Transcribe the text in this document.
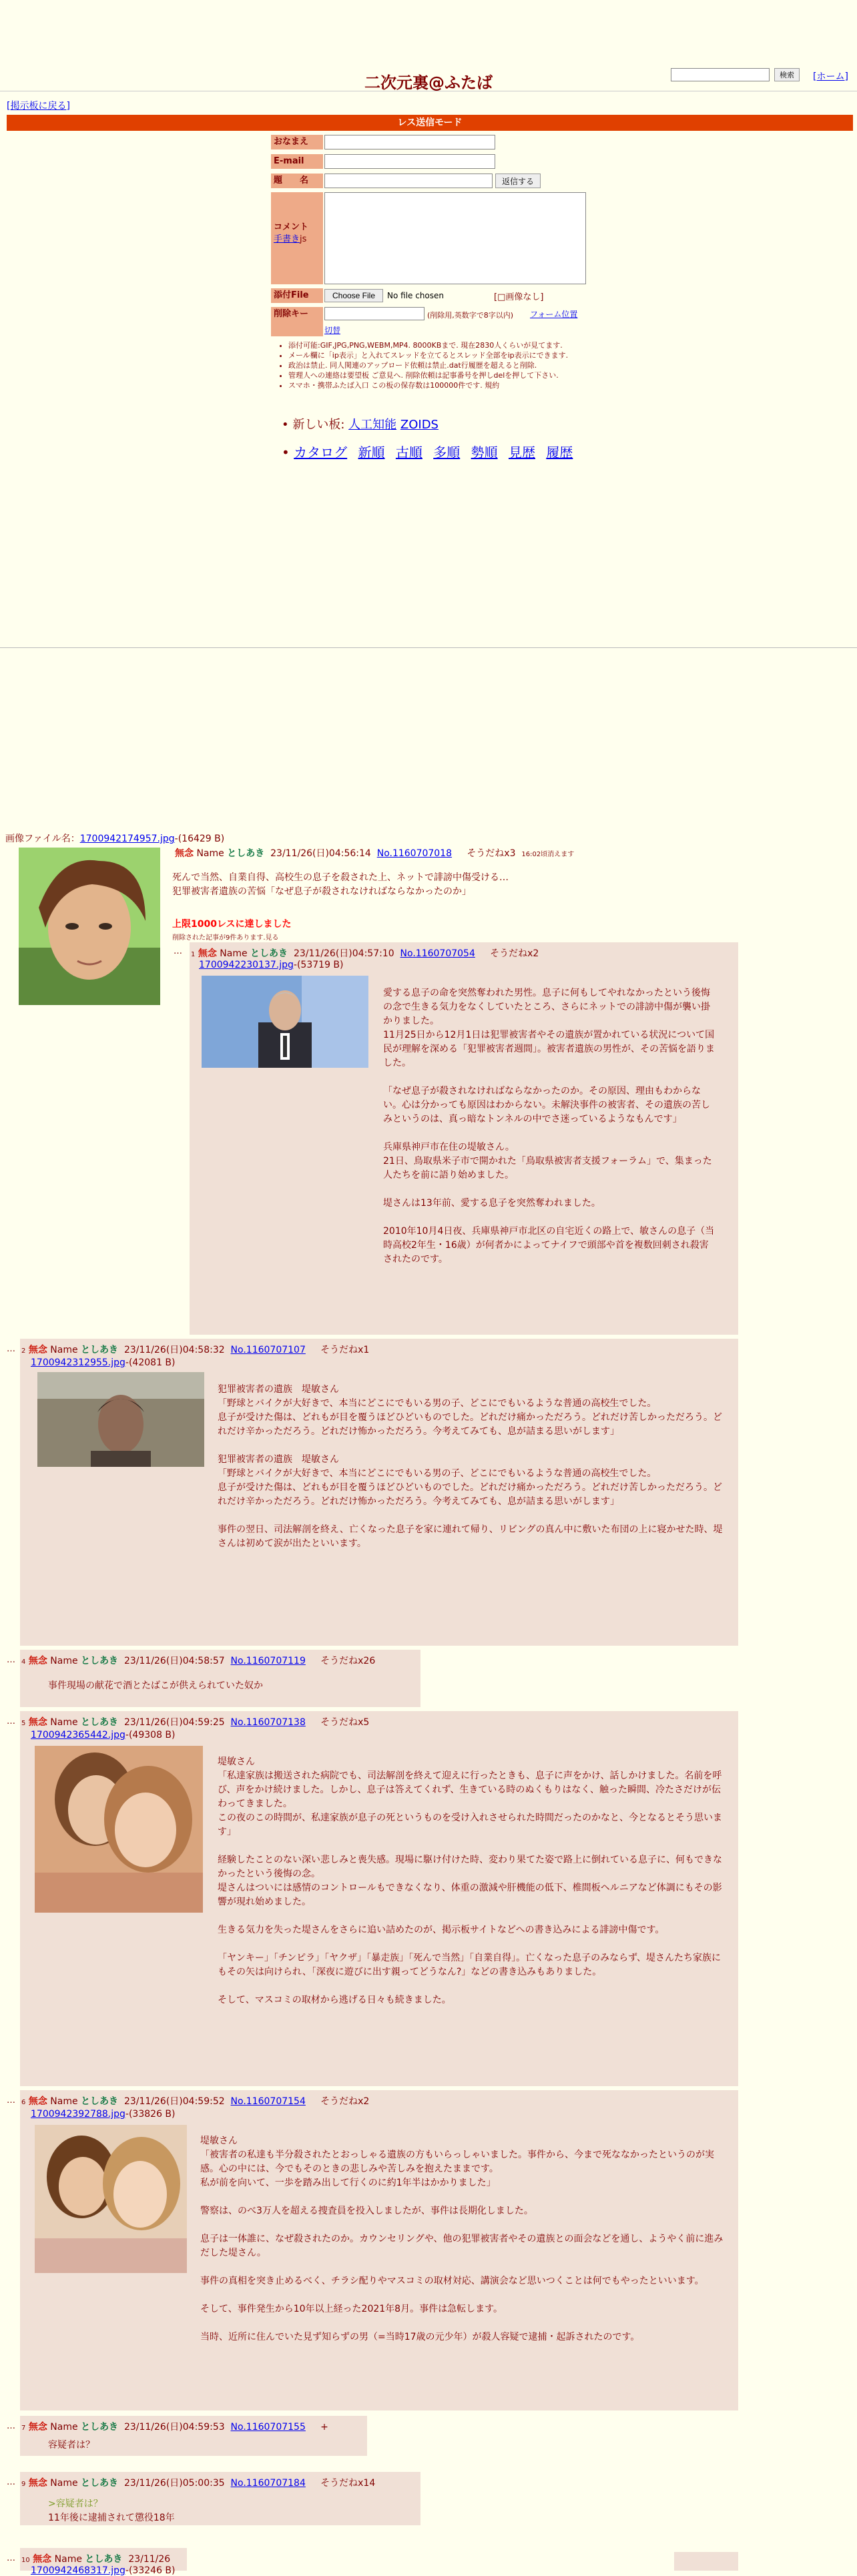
検索	[ホーム]
二次元裏@ふたば
[掲示板に戻る]
レス送信モード
おなまえ
E-mail
題　　名	返信する
コメント
手書きjs
添付File	Choose File	No file chosen	[□画像なし]
削除キー	(削除用,英数字で8字以内) フォーム位置
切替
• 添付可能:GIF,JPG,PNG,WEBM,MP4. 8000KBまで. 現在2830人くらいが見てます.
• メール欄に「ip表示」と入れてスレッドを立てるとスレッド全部をip表示にできます.
• 政治は禁止. 同人関連のアップロード依頼は禁止.dat行履歴を超えると削除.
• 管理人への連絡は要望板 ご意見へ. 削除依頼は記事番号を押しdelを押して下さい.
• スマホ・携帯ふたば入口 この板の保存数は100000件です. 規約
• 新しい板: 人工知能 ZOIDS
• カタログ 新順 古順 多順 勢順 見歴 履歴
画像ファイル名：1700942174957.jpg-(16429 B)
無念 Name としあき 23/11/26(日)04:56:14 No.1160707018 そうだねx3 16:02頃消えます
死んで当然、自業自得、高校生の息子を殺された上、ネットで誹謗中傷受ける…
犯罪被害者遺族の苦悩「なぜ息子が殺されなければならなかったのか」
上限1000レスに達しました
削除された記事が9件あります.見る
… 1 無念 Name としあき 23/11/26(日)04:57:10 No.1160707054 そうだねx2
1700942230137.jpg-(53719 B)
愛する息子の命を突然奪われた男性。息子に何もしてやれなかったという後悔の念で生きる気力をなくしていたところ、さらにネットでの誹謗中傷が襲い掛かりました。
11月25日から12月1日は犯罪被害者やその遺族が置かれている状況について国民が理解を深める「犯罪被害者週間」。被害者遺族の男性が、その苦悩を語りました。
「なぜ息子が殺されなければならなかったのか。その原因、理由もわからない。心は分かっても原因はわからない。未解決事件の被害者、その遺族の苦しみというのは、真っ暗なトンネルの中でさ迷っているようなもんです」
兵庫県神戸市在住の堤敏さん。
21日、鳥取県米子市で開かれた「鳥取県被害者支援フォーラム」で、集まった人たちを前に語り始めました。
堤さんは13年前、愛する息子を突然奪われました。
2010年10月4日夜、兵庫県神戸市北区の自宅近くの路上で、敏さんの息子（当時高校2年生・16歳）が何者かによってナイフで頭部や首を複数回刺され殺害されたのです。
… 2 無念 Name としあき 23/11/26(日)04:58:32 No.1160707107 そうだねx1
1700942312955.jpg-(42081 B)
犯罪被害者の遺族　堤敏さん
「野球とバイクが大好きで、本当にどこにでもいる男の子、どこにでもいるような普通の高校生でした。
息子が受けた傷は、どれもが目を覆うほどひどいものでした。どれだけ痛かっただろう。どれだけ苦しかっただろう。どれだけ辛かっただろう。どれだけ怖かっただろう。今考えてみても、息が詰まる思いがします」
犯罪被害者の遺族　堤敏さん
「野球とバイクが大好きで、本当にどこにでもいる男の子、どこにでもいるような普通の高校生でした。
息子が受けた傷は、どれもが目を覆うほどひどいものでした。どれだけ痛かっただろう。どれだけ苦しかっただろう。どれだけ辛かっただろう。どれだけ怖かっただろう。今考えてみても、息が詰まる思いがします」
事件の翌日、司法解剖を終え、亡くなった息子を家に連れて帰り、リビングの真ん中に敷いた布団の上に寝かせた時、堤さんは初めて涙が出たといいます。
… 4 無念 Name としあき 23/11/26(日)04:58:57 No.1160707119 そうだねx26
事件現場の献花で酒とたばこが供えられていた奴か
… 5 無念 Name としあき 23/11/26(日)04:59:25 No.1160707138 そうだねx5
1700942365442.jpg-(49308 B)
堤敏さん
「私達家族は搬送された病院でも、司法解剖を終えて迎えに行ったときも、息子に声をかけ、話しかけました。名前を呼び、声をかけ続けました。しかし、息子は答えてくれず、生きている時のぬくもりはなく、触った瞬間、冷たさだけが伝わってきました。
この夜のこの時間が、私達家族が息子の死というものを受け入れさせられた時間だったのかなと、今となるとそう思います」
経験したことのない深い悲しみと喪失感。現場に駆け付けた時、変わり果てた姿で路上に倒れている息子に、何もできなかったという後悔の念。
堤さんはついには感情のコントロールもできなくなり、体重の激減や肝機能の低下、椎間板ヘルニアなど体調にもその影響が現れ始めました。
生きる気力を失った堤さんをさらに追い詰めたのが、掲示板サイトなどへの書き込みによる誹謗中傷です。
「ヤンキー」「チンピラ」「ヤクザ」「暴走族」「死んで当然」「自業自得」。亡くなった息子のみならず、堤さんたち家族にもその矢は向けられ、「深夜に遊びに出す親ってどうなん?」などの書き込みもありました。
そして、マスコミの取材から逃げる日々も続きました。
… 6 無念 Name としあき 23/11/26(日)04:59:52 No.1160707154 そうだねx2
1700942392788.jpg-(33826 B)
堤敏さん
「被害者の私達も半分殺されたとおっしゃる遺族の方もいらっしゃいました。事件から、今まで死ななかったというのが実感。心の中には、今でもそのときの悲しみや苦しみを抱えたままです。
私が前を向いて、一歩を踏み出して行くのに約1年半はかかりました」
警察は、のべ3万人を超える捜査員を投入しましたが、事件は長期化しました。
息子は一体誰に、なぜ殺されたのか。カウンセリングや、他の犯罪被害者やその遺族との面会などを通し、ようやく前に進みだした堤さん。
事件の真相を突き止めるべく、チラシ配りやマスコミの取材対応、講演会など思いつくことは何でもやったといいます。
そして、事件発生から10年以上経った2021年8月。事件は急転します。
当時、近所に住んでいた見ず知らずの男（=当時17歳の元少年）が殺人容疑で逮捕・起訴されたのです。
… 7 無念 Name としあき 23/11/26(日)04:59:53 No.1160707155 +
容疑者は？
… 9 無念 Name としあき 23/11/26(日)05:00:35 No.1160707184 そうだねx14
>容疑者は？
11年後に逮捕されて懲役18年
… 10 無念 Name としあき 23/11/26
1700942468317.jpg-(33246 B)
